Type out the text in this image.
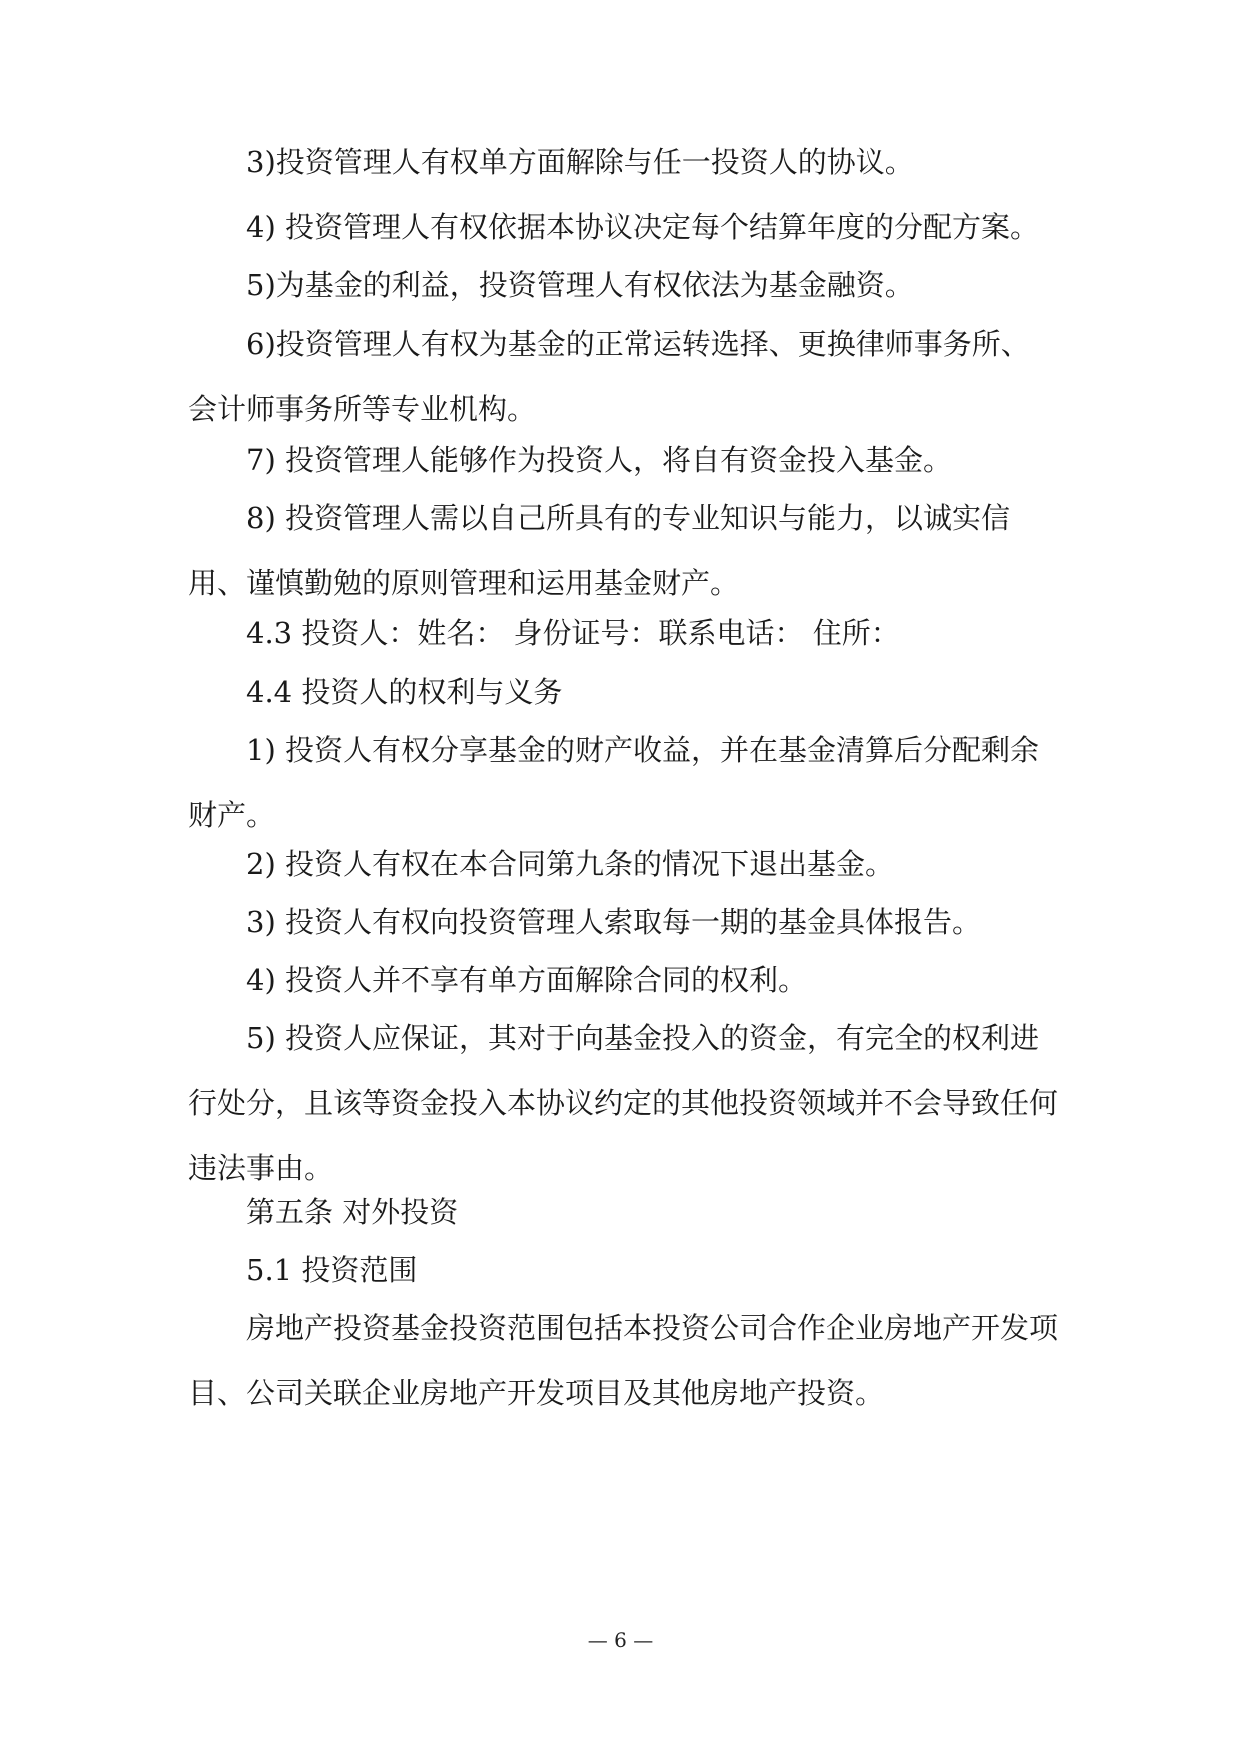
3)投资管理人有权单方面解除与任一投资人的协议。

4) 投资管理人有权依据本协议决定每个结算年度的分配方案。

5)为基金的利益，投资管理人有权依法为基金融资。

6)投资管理人有权为基金的正常运转选择、更换律师事务所、会计师事务所等专业机构。

7) 投资管理人能够作为投资人，将自有资金投入基金。

8) 投资管理人需以自己所具有的专业知识与能力，以诚实信用、谨慎勤勉的原则管理和运用基金财产。

4.3 投资人：姓名： 身份证号：联系电话： 住所：

4.4 投资人的权利与义务

1) 投资人有权分享基金的财产收益，并在基金清算后分配剩余财产。

2) 投资人有权在本合同第九条的情况下退出基金。

3) 投资人有权向投资管理人索取每一期的基金具体报告。

4) 投资人并不享有单方面解除合同的权利。

5) 投资人应保证，其对于向基金投入的资金，有完全的权利进行处分，且该等资金投入本协议约定的其他投资领域并不会导致任何违法事由。

第五条 对外投资

5.1 投资范围

房地产投资基金投资范围包括本投资公司合作企业房地产开发项目、公司关联企业房地产开发项目及其他房地产投资。

— 6 —
